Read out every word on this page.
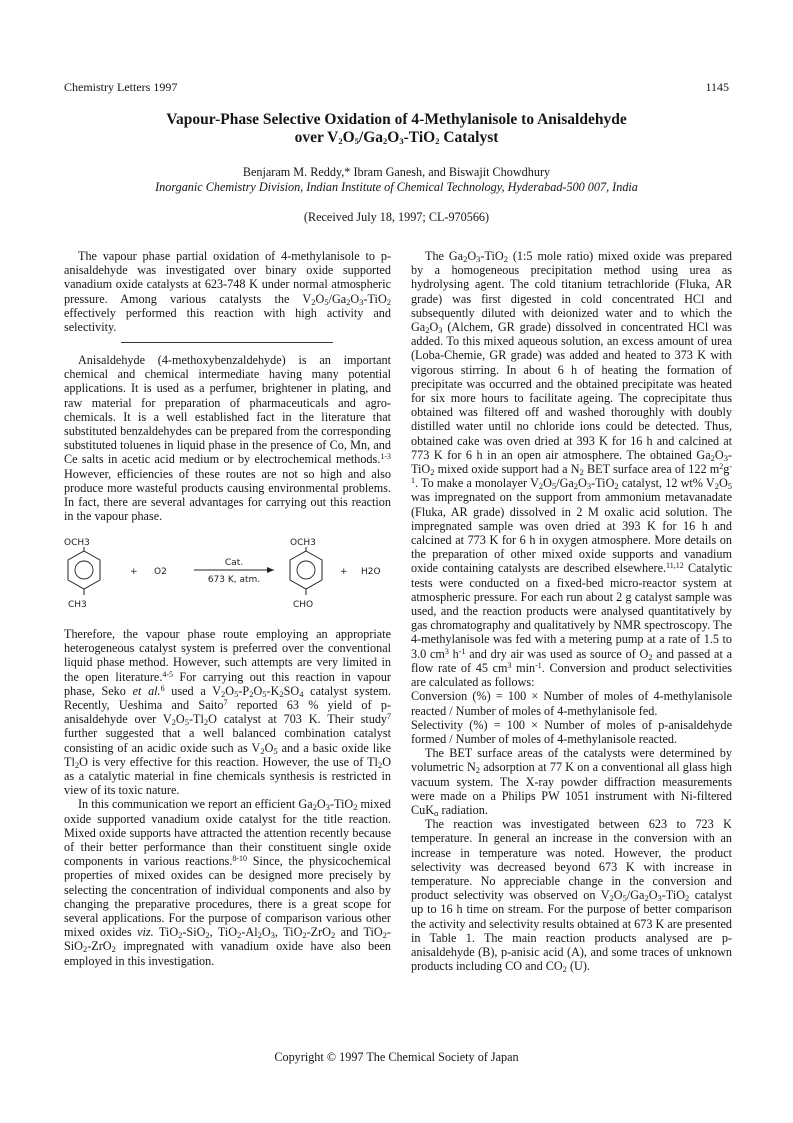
Chemistry Letters 1997	1145
Vapour-Phase Selective Oxidation of 4-Methylanisole to Anisaldehyde
over $V_2O_5/Ga_2O_3-TiO_2$ Catalyst
Benjaram M. Reddy,* Ibram Ganesh, and Biswajit Chowdhury
Inorganic Chemistry Division, Indian Institute of Chemical Technology, Hyderabad-500 007, India
(Received July 18, 1997; CL-970566)

The vapour phase partial oxidation of 4-methylanisole to p-anisaldehyde was investigated over binary oxide supported vanadium oxide catalysts at 623-748 K under normal atmospheric pressure. Among various catalysts the $V_2O_5/Ga_2O_3-TiO_2$ effectively performed this reaction with high activity and selectivity.

Anisaldehyde (4-methoxybenzaldehyde) is an important chemical and chemical intermediate having many potential applications. It is used as a perfumer, brightener in plating, and raw material for preparation of pharmaceuticals and agro-chemicals. It is a well established fact in the literature that substituted benzaldehydes can be prepared from the corresponding substituted toluenes in liquid phase in the presence of Co, Mn, and Ce salts in acetic acid medium or by electrochemical methods.$^{1-3}$ However, efficiencies of these routes are not so high and also produce more wasteful products causing environmental problems. In fact, there are several advantages for carrying out this reaction in the vapour phase.

OCH3
CH3
+ O2
Cat.
673 K, atm.
OCH3
CHO
+ H2O

Therefore, the vapour phase route employing an appropriate heterogeneous catalyst system is preferred over the conventional liquid phase method. However, such attempts are very limited in the open literature.$^{4-5}$ For carrying out this reaction in vapour phase, Seko et al.$^6$ used a $V_2O_5-P_2O_5-K_2SO_4$ catalyst system. Recently, Ueshima and Saito$^7$ reported 63 % yield of p-anisaldehyde over $V_2O_5-Tl_2O$ catalyst at 703 K. Their study$^7$ further suggested that a well balanced combination catalyst consisting of an acidic oxide such as $V_2O_5$ and a basic oxide like $Tl_2O$ is very effective for this reaction. However, the use of $Tl_2O$ as a catalytic material in fine chemicals synthesis is restricted in view of its toxic nature.

In this communication we report an efficient $Ga_2O_3-TiO_2$ mixed oxide supported vanadium oxide catalyst for the title reaction. Mixed oxide supports have attracted the attention recently because of their better performance than their constituent single oxide components in various reactions.$^{8-10}$ Since, the physicochemical properties of mixed oxides can be designed more precisely by selecting the concentration of individual components and also by changing the preparative procedures, there is a great scope for several applications. For the purpose of comparison various other mixed oxides viz. TiO$_2$-SiO$_2$, $TiO_2-Al_2O_3$, TiO$_2$-ZrO$_2$ and TiO$_2$-SiO$_2$-ZrO$_2$ impregnated with vanadium oxide have also been employed in this investigation.

The $Ga_2O_3-TiO_2$ (1:5 mole ratio) mixed oxide was prepared by a homogeneous precipitation method using urea as hydrolysing agent. The cold titanium tetrachloride (Fluka, AR grade) was first digested in cold concentrated HCl and subsequently diluted with deionized water and to which the $Ga_2O_3$ (Alchem, GR grade) dissolved in concentrated HCl was added. To this mixed aqueous solution, an excess amount of urea (Loba-Chemie, GR grade) was added and heated to 373 K with vigorous stirring. In about 6 h of heating the formation of precipitate was occurred and the obtained precipitate was heated for six more hours to facilitate ageing. The coprecipitate thus obtained was filtered off and washed thoroughly with doubly distilled water until no chloride ions could be detected. Thus, obtained cake was oven dried at 393 K for 16 h and calcined at 773 K for 6 h in an open air atmosphere. The obtained $Ga_2O_3-TiO_2$ mixed oxide support had a $N_2$ BET surface area of 122 $m^2g^{-1}$. To make a monolayer $V_2O_5/Ga_2O_3-TiO_2$ catalyst, 12 wt% $V_2O_5$ was impregnated on the support from ammonium metavanadate (Fluka, AR grade) dissolved in 2 M oxalic acid solution. The impregnated sample was oven dried at 393 K for 16 h and calcined at 773 K for 6 h in oxygen atmosphere. More details on the preparation of other mixed oxide supports and vanadium oxide containing catalysts are described elsewhere.$^{11,12}$ Catalytic tests were conducted on a fixed-bed micro-reactor system at atmospheric pressure. For each run about 2 g catalyst sample was used, and the reaction products were analysed quantitatively by gas chromatography and qualitatively by NMR spectroscopy. The 4-methylanisole was fed with a metering pump at a rate of 1.5 to 3.0 $cm^3$ $h^{-1}$ and dry air was used as source of $O_2$ and passed at a flow rate of 45 $cm^3$ $\min^{-1}$. Conversion and product selectivities are calculated as follows:

Conversion (%) = 100 × Number of moles of 4-methylanisole reacted / Number of moles of 4-methylanisole fed.

Selectivity (%) = 100 × Number of moles of p-anisaldehyde formed / Number of moles of 4-methylanisole reacted.

The BET surface areas of the catalysts were determined by volumetric $N_2$ adsorption at 77 K on a conventional all glass high vacuum system. The X-ray powder diffraction measurements were made on a Philips PW 1051 instrument with Ni-filtered CuK$_\alpha$ radiation.

The reaction was investigated between 623 to 723 K temperature. In general an increase in the conversion with an increase in temperature was noted. However, the product selectivity was decreased beyond 673 K with increase in temperature. No appreciable change in the conversion and product selectivity was observed on $V_2O_5/Ga_2O_3-TiO_2$ catalyst up to 16 h time on stream. For the purpose of better comparison the activity and selectivity results obtained at 673 K are presented in Table 1. The main reaction products analysed are p-anisaldehyde (B), p-anisic acid (A), and some traces of unknown products including CO and $CO_2$ (U).

Copyright © 1997 The Chemical Society of Japan
